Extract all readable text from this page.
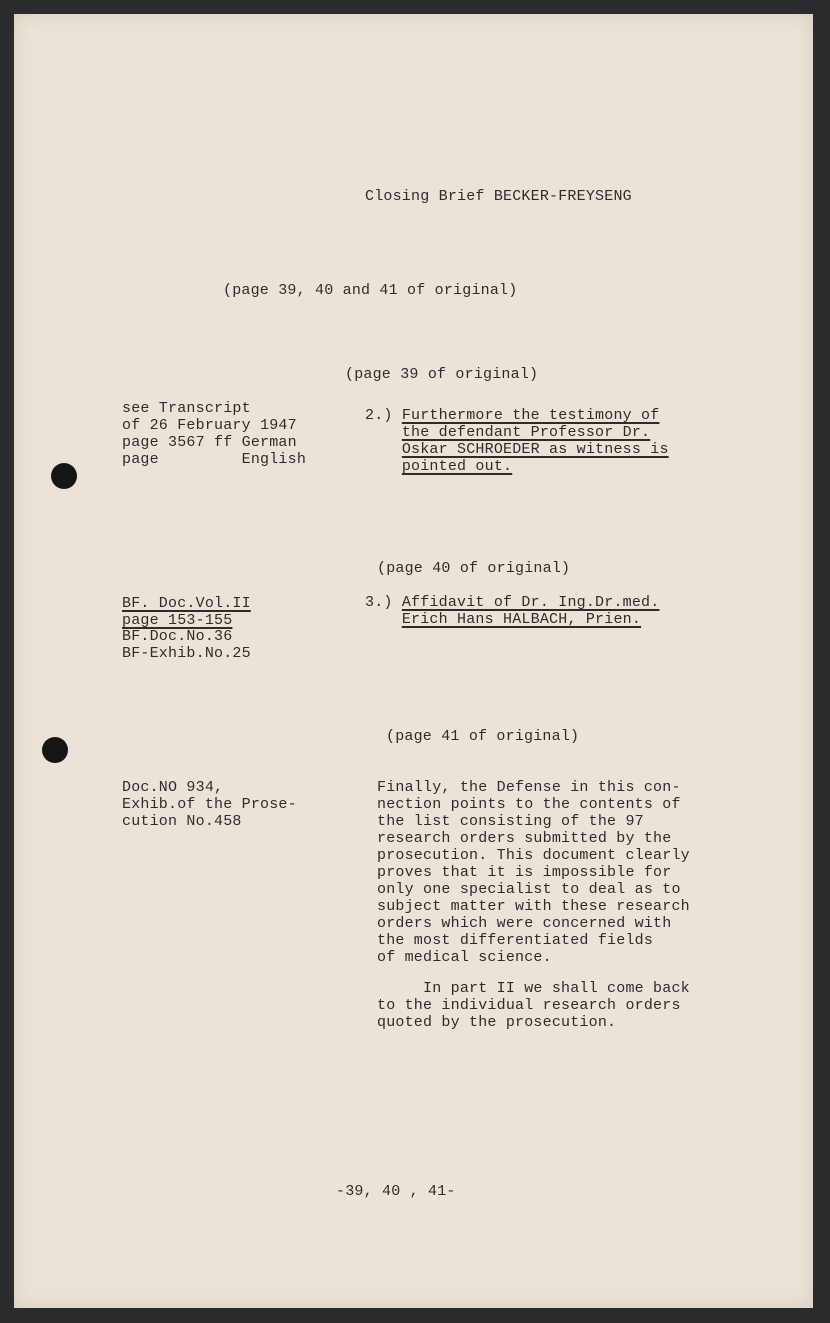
Closing Brief BECKER-FREYSENG
(page 39, 40 and 41 of original)
(page 39 of original)
see Transcript
of 26 February 1947
page 3567 ff German
page         English
2.) Furthermore the testimony of
the defendant Professor Dr.
Oskar SCHROEDER as witness is
pointed out.
(page 40 of original)
BF. Doc.Vol.II
page 153-155
BF.Doc.No.36
BF-Exhib.No.25
3.) Affidavit of Dr. Ing.Dr.med.
Erich Hans HALBACH, Prien.
(page 41 of original)
Doc.NO 934,
Exhib.of the Prose-
cution No.458
Finally, the Defense in this con-
nection points to the contents of
the list consisting of the 97
research orders submitted by the
prosecution. This document clearly
proves that it is impossible for
only one specialist to deal as to
subject matter with these research
orders which were concerned with
the most differentiated fields
of medical science.
In part II we shall come back
to the individual research orders
quoted by the prosecution.
-39, 40 , 41-
